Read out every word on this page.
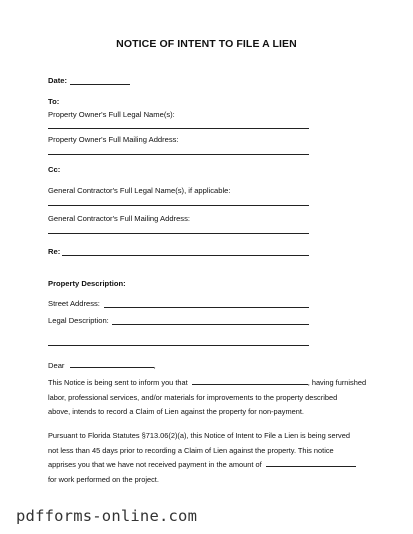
NOTICE OF INTENT TO FILE A LIEN
Date:
To:
Property Owner's Full Legal Name(s):
Property Owner's Full Mailing Address:
Cc:
General Contractor's Full Legal Name(s), if applicable:
General Contractor's Full Mailing Address:
Re:
Property Description:
Street Address:
Legal Description:
Dear	,
This Notice is being sent to inform you that	, having furnished
labor, professional services, and/or materials for improvements to the property described
above, intends to record a Claim of Lien against the property for non-payment.
Pursuant to Florida Statutes §713.06(2)(a), this Notice of Intent to File a Lien is being served
not less than 45 days prior to recording a Claim of Lien against the property. This notice
apprises you that we have not received payment in the amount of
for work performed on the project.
pdfforms-online.com
